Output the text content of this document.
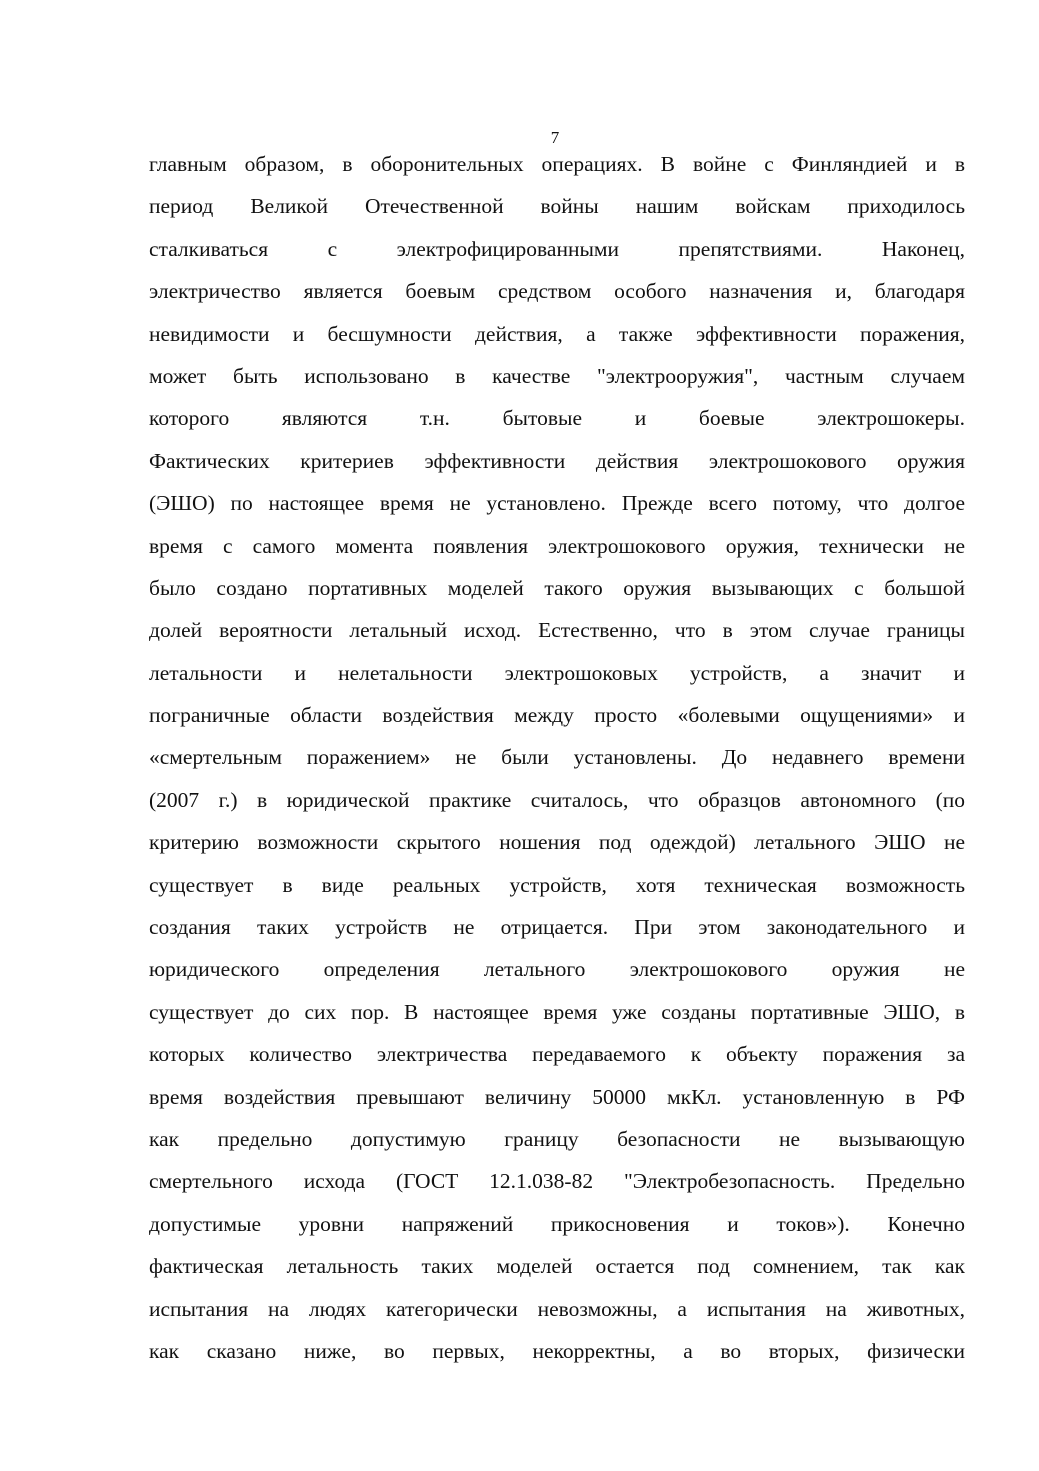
7
главным образом, в оборонительных операциях. В войне с Финляндией и в
период Великой Отечественной войны нашим войскам приходилось
сталкиваться с электрофицированными препятствиями. Наконец,
электричество является боевым средством особого назначения и, благодаря
невидимости и бесшумности действия, а также эффективности поражения,
может быть использовано в качестве "электрооружия", частным случаем
которого являются т.н. бытовые и боевые электрошокеры.
Фактических критериев эффективности действия электрошокового оружия
(ЭШО) по настоящее время не установлено. Прежде всего потому, что долгое
время с самого момента появления электрошокового оружия, технически не
было создано портативных моделей такого оружия вызывающих с большой
долей вероятности летальный исход. Естественно, что в этом случае границы
летальности и нелетальности электрошоковых устройств, а значит и
пограничные области воздействия между просто «болевыми ощущениями» и
«смертельным поражением» не были установлены. До недавнего времени
(2007 г.) в юридической практике считалось, что образцов автономного (по
критерию возможности скрытого ношения под одеждой) летального ЭШО не
существует в виде реальных устройств, хотя техническая возможность
создания таких устройств не отрицается. При этом законодательного и
юридического определения летального электрошокового оружия не
существует до сих пор. В настоящее время уже созданы портативные ЭШО, в
которых количество электричества передаваемого к объекту поражения за
время воздействия превышают величину 50000 мкКл. установленную в РФ
как предельно допустимую границу безопасности не вызывающую
смертельного исхода (ГОСТ 12.1.038-82 "Электробезопасность. Предельно
допустимые уровни напряжений прикосновения и токов»). Конечно
фактическая летальность таких моделей остается под сомнением, так как
испытания на людях категорически невозможны, а испытания на животных,
как сказано ниже, во первых, некорректны, а во вторых, физически
